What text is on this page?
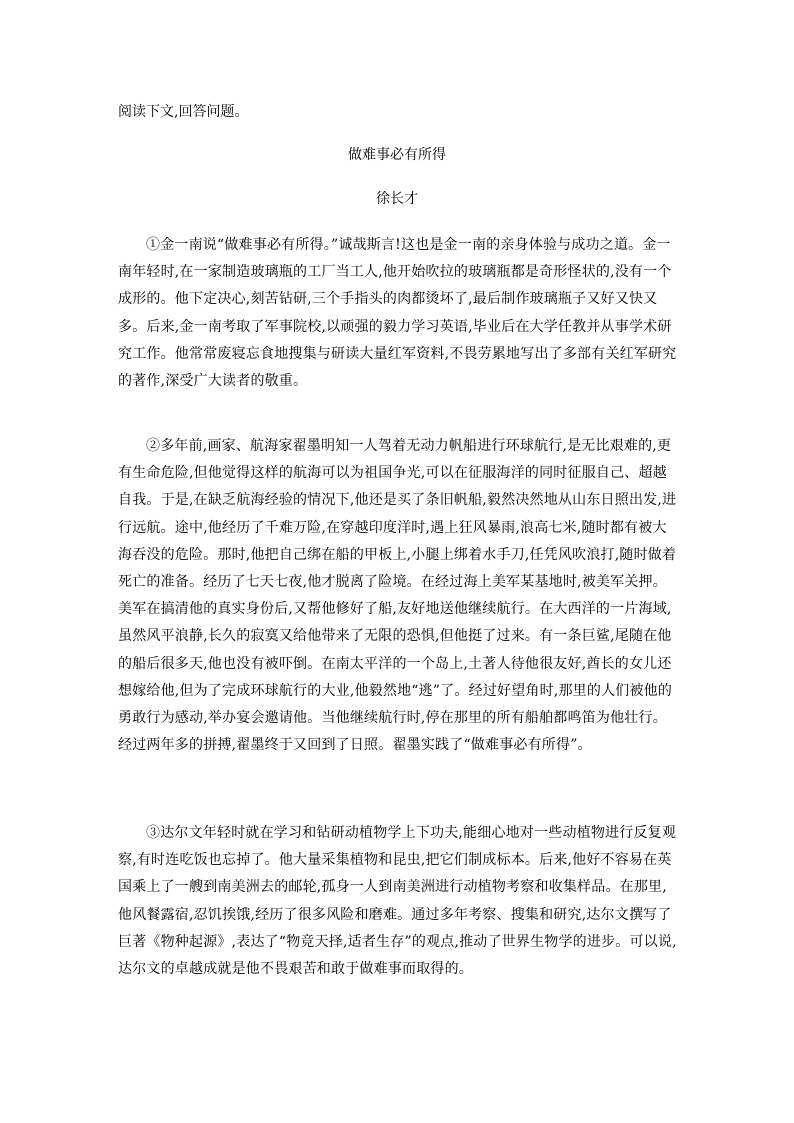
阅读下文,回答问题。
做难事必有所得
徐长才

①金一南说“做难事必有所得。”诚哉斯言!这也是金一南的亲身体验与成功之道。金一南年轻时,在一家制造玻璃瓶的工厂当工人,他开始吹拉的玻璃瓶都是奇形怪状的,没有一个成形的。他下定决心,刻苦钻研,三个手指头的肉都烫坏了,最后制作玻璃瓶子又好又快又多。后来,金一南考取了军事院校,以顽强的毅力学习英语,毕业后在大学任教并从事学术研究工作。他常常废寝忘食地搜集与研读大量红军资料,不畏劳累地写出了多部有关红军研究的著作,深受广大读者的敬重。

②多年前,画家、航海家翟墨明知一人驾着无动力帆船进行环球航行,是无比艰难的,更有生命危险,但他觉得这样的航海可以为祖国争光,可以在征服海洋的同时征服自己、超越自我。于是,在缺乏航海经验的情况下,他还是买了条旧帆船,毅然决然地从山东日照出发,进行远航。途中,他经历了千难万险,在穿越印度洋时,遇上狂风暴雨,浪高七米,随时都有被大海吞没的危险。那时,他把自己绑在船的甲板上,小腿上绑着水手刀,任凭风吹浪打,随时做着死亡的准备。经历了七天七夜,他才脱离了险境。在经过海上美军某基地时,被美军关押。美军在搞清他的真实身份后,又帮他修好了船,友好地送他继续航行。在大西洋的一片海域,虽然风平浪静,长久的寂寞又给他带来了无限的恐惧,但他挺了过来。有一条巨鲨,尾随在他的船后很多天,他也没有被吓倒。在南太平洋的一个岛上,土著人待他很友好,酋长的女儿还想嫁给他,但为了完成环球航行的大业,他毅然地“逃”了。经过好望角时,那里的人们被他的勇敢行为感动,举办宴会邀请他。当他继续航行时,停在那里的所有船舶都鸣笛为他壮行。经过两年多的拼搏,翟墨终于又回到了日照。翟墨实践了“做难事必有所得”。

③达尔文年轻时就在学习和钻研动植物学上下功夫,能细心地对一些动植物进行反复观察,有时连吃饭也忘掉了。他大量采集植物和昆虫,把它们制成标本。后来,他好不容易在英国乘上了一艘到南美洲去的邮轮,孤身一人到南美洲进行动植物考察和收集样品。在那里,他风餐露宿,忍饥挨饿,经历了很多风险和磨难。通过多年考察、搜集和研究,达尔文撰写了巨著《物种起源》,表达了“物竞天择,适者生存”的观点,推动了世界生物学的进步。可以说,达尔文的卓越成就是他不畏艰苦和敢于做难事而取得的。
